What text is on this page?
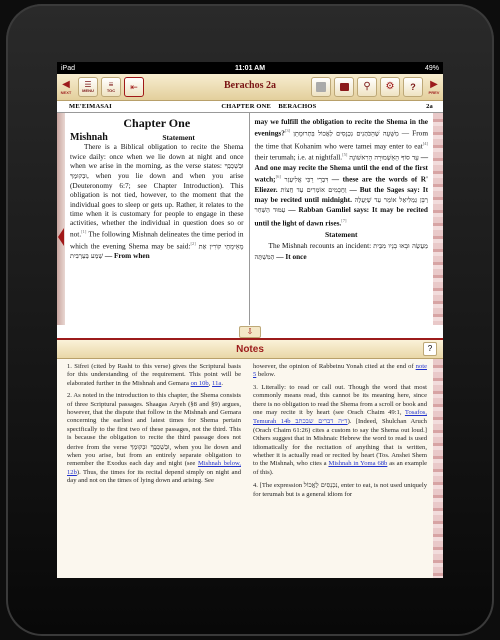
iPad	11:01 AM	49%
◀
NEXT
☰
MENU
≡
TOC ⇤	Berachos 2a	⚲ ⚙ ? ▶
PREV
ME'EIMASAI	CHAPTER ONE    BERACHOS	2a
Chapter One
Mishnah	Statement
There is a Biblical obligation to recite the Shema twice daily: once when we lie down at night and once when we arise in the morning, as the verse states: וּבְשָׁכְבְּךָ וּבְקוּמֶךָ, when you lie down and when you arise (Deuteronomy 6:7; see Chapter Introduction). This obligation is not tied, however, to the moment that the individual goes to sleep or gets up. Rather, it relates to the time when it is customary for people to engage in these activities, whether the individual in question does so or not.[1] The following Mishnah delineates the time period in which the evening Shema may be said:[2] מֵאֵימָתַי קוֹרִין אֶת שְׁמַע בְּעַרְבִית — From when
may we fulfill the obligation to recite the Shema in the evenings?[3] מִשָּׁעָה שֶׁהַכֹּהֲנִים נִכְנָסִים לֶאֱכוֹל בִּתְרוּמָתָן — From the time that Kohanim who were tamei may enter to eat[4] their terumah; i.e. at nightfall.[5] עַד סוֹף הָאַשְׁמוּרָה הָרִאשׁוֹנָה — And one may recite the Shema until the end of the first watch;[6] דִּבְרֵי רַבִּי אֱלִיעֶזֶר — these are the words of R' Eliezer. וַחֲכָמִים אוֹמְרִים עַד חֲצוֹת — But the Sages say: It may be recited until midnight. רַבָּן גַּמְלִיאֵל אוֹמֵר עַד שֶׁיַּעֲלֶה עַמּוּד הַשַּׁחַר — Rabban Gamliel says: It may be recited until the light of dawn rises.[7]
Statement
The Mishnah recounts an incident: מַעֲשֶׂה וּבָאוּ בָנָיו מִבֵּית הַמִּשְׁתֶּה — It once
⇩
Notes	?

1. Sifrei (cited by Rashi to this verse) gives the Scriptural basis for this understanding of the requirement. This point will be elaborated further in the Mishnah and Gemara on 10b, 11a.

2. As noted in the introduction to this chapter, the Shema consists of three Scriptural passages. Shaagas Aryeh (§8 and §9) argues, however, that the dispute that follow in the Mishnah and Gemara concerning the earliest and latest times for Shema pertain specifically to the first two of these passages, not the third. This is because the obligation to recite the third passage does not derive from the verse וּבְשָׁכְבְּךָ וּבְקוּמֶךָ, when you lie down and when you arise, but from an entirely separate obligation to remember the Exodus each day and night (see Mishnah below, 12b). Thus, the times for its recital depend simply on night and day and not on the times of lying down and arising. See

however, the opinion of Rabbeinu Yonah cited at the end of note 5 below.

3. Literally: to read or call out. Though the word that most commonly means read, this cannot be its meaning here, since there is no obligation to read the Shema from a scroll or book and one may recite it by heart (see Orach Chaim 49:1, Tosafos, Temurah 14b ד״ה דברים שבכתב). [Indeed, Shulchan Aruch (Orach Chaim 61:26) cites a custom to say the Shema out loud.] Others suggest that in Mishnaic Hebrew the word to read is used idiomatically for the recitation of anything that is written, whether it is actually read or recited by heart (Tos. Anshei Shem to the Mishnah, who cites a Mishnah in Yoma 68b as an example of this).

4. [The expression נִכְנָסִים לֶאֱכוֹל, enter to eat, is not used uniquely for terumah but is a general idiom for
